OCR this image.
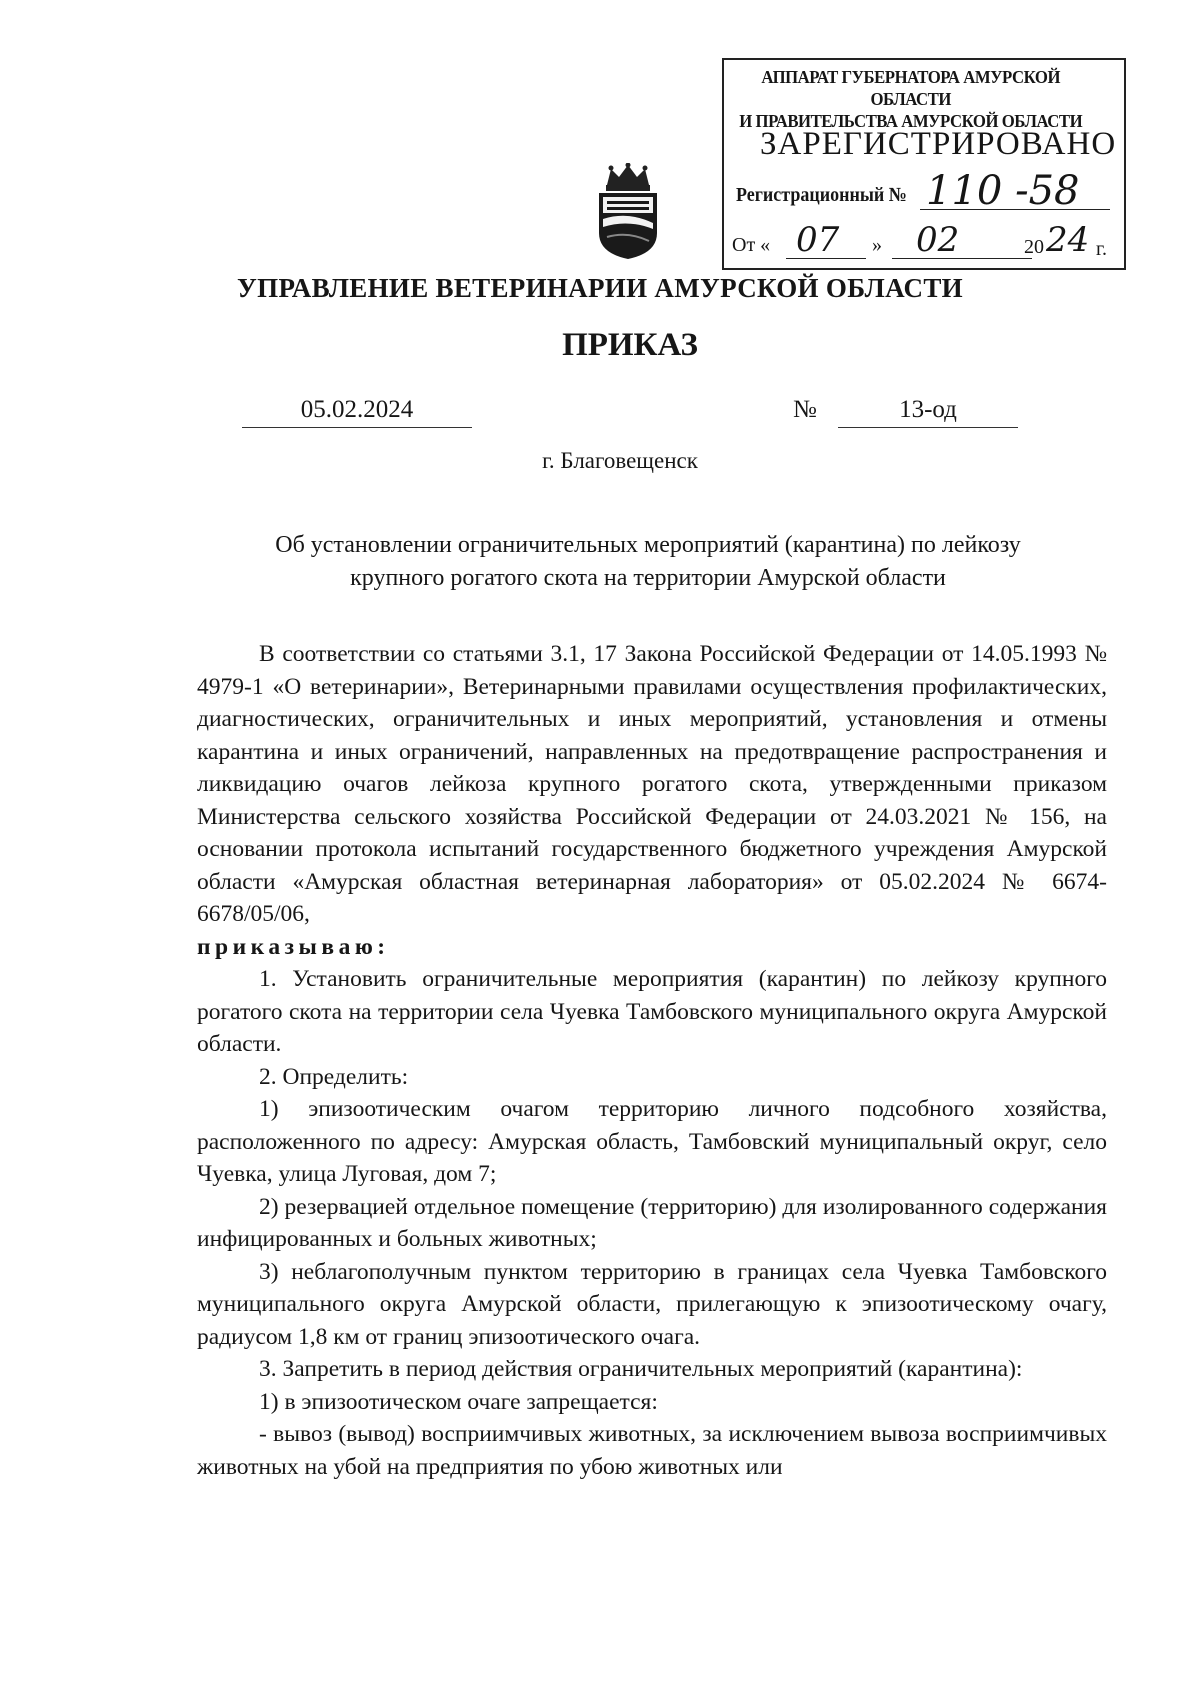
АППАРАТ ГУБЕРНАТОРА АМУРСКОЙ ОБЛАСТИ
И ПРАВИТЕЛЬСТВА АМУРСКОЙ ОБЛАСТИ
ЗАРЕГИСТРИРОВАНО
Регистрационный № 110 -58
От « 07 » 02	20 24 г.
УПРАВЛЕНИЕ ВЕТЕРИНАРИИ АМУРСКОЙ ОБЛАСТИ
ПРИКАЗ
05.02.2024	№	13-од
г. Благовещенск
Об установлении ограничительных мероприятий (карантина) по лейкозу
крупного рогатого скота на территории Амурской области

В соответствии со статьями 3.1, 17 Закона Российской Федерации от 14.05.1993 № 4979-1 «О ветеринарии», Ветеринарными правилами осуществления профилактических, диагностических, ограничительных и иных мероприятий, установления и отмены карантина и иных ограничений, направленных на предотвращение распространения и ликвидацию очагов лейкоза крупного рогатого скота, утвержденными приказом Министерства сельского хозяйства Российской Федерации от 24.03.2021 № 156, на основании протокола испытаний государственного бюджетного учреждения Амурской области «Амурская областная ветеринарная лаборатория» от 05.02.2024 № 6674-6678/05/06,

приказываю:

1. Установить ограничительные мероприятия (карантин) по лейкозу крупного рогатого скота на территории села Чуевка Тамбовского муниципального округа Амурской области.

2. Определить:

1) эпизоотическим очагом территорию личного подсобного хозяйства, расположенного по адресу: Амурская область, Тамбовский муниципальный округ, село Чуевка, улица Луговая, дом 7;

2) резервацией отдельное помещение (территорию) для изолированного содержания инфицированных и больных животных;

3) неблагополучным пунктом территорию в границах села Чуевка Тамбовского муниципального округа Амурской области, прилегающую к эпизоотическому очагу, радиусом 1,8 км от границ эпизоотического очага.

3. Запретить в период действия ограничительных мероприятий (карантина):

1) в эпизоотическом очаге запрещается:

- вывоз (вывод) восприимчивых животных, за исключением вывоза восприимчивых животных на убой на предприятия по убою животных или
